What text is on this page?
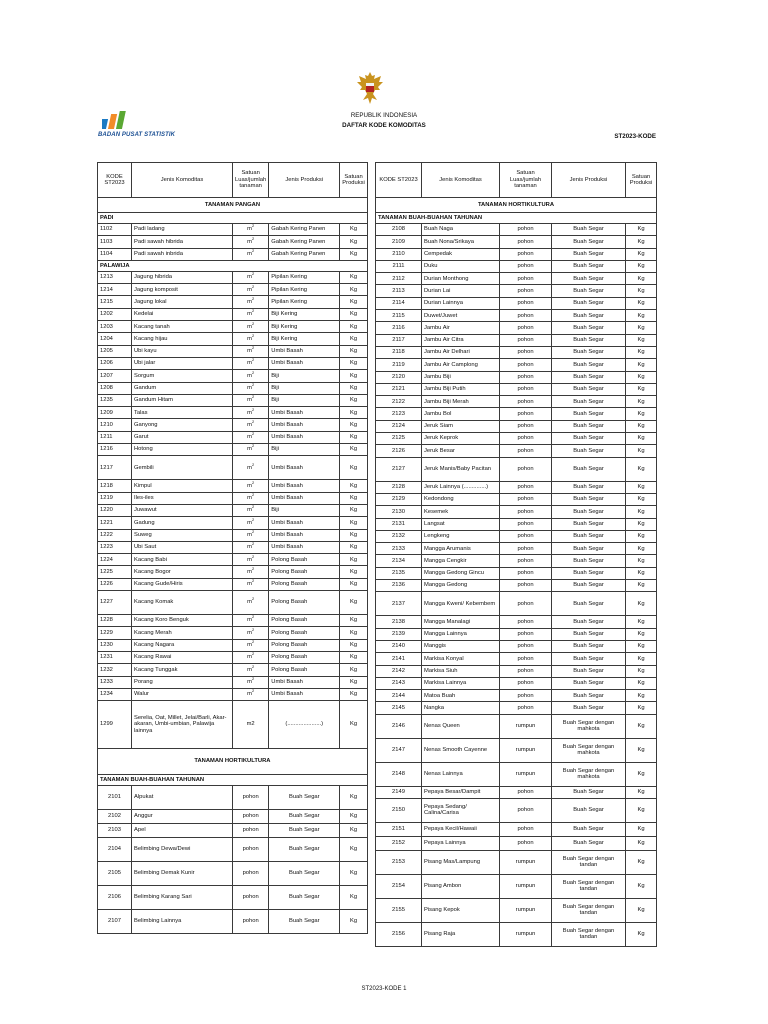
BADAN PUSAT STATISTIK
REPUBLIK INDONESIA
DAFTAR KODE KOMODITAS
ST2023-KODE
KODE ST2023	Jenis Komoditas	Satuan Luas/jumlah tanaman	Jenis Produksi	Satuan Produksi
TANAMAN PANGAN				
PADI				
1102	Padi ladang	$m^2$	Gabah Kering Panen	Kg
1103	Padi sawah hibrida	$m^2$	Gabah Kering Panen	Kg
1104	Padi sawah inbrida	$m^2$	Gabah Kering Panen	Kg
PALAWIJA				
1213	Jagung hibrida	$m^2$	Pipilan Kering	Kg
1214	Jagung komposit	$m^2$	Pipilan Kering	Kg
1215	Jagung lokal	$m^2$	Pipilan Kering	Kg
1202	Kedelai	$m^2$	Biji Kering	Kg
1203	Kacang tanah	$m^2$	Biji Kering	Kg
1204	Kacang hijau	$m^2$	Biji Kering	Kg
1205	Ubi kayu	$m^2$	Umbi Basah	Kg
1206	Ubi jalar	$m^2$	Umbi Basah	Kg
1207	Sorgum	$m^2$	Biji	Kg
1208	Gandum	$m^2$	Biji	Kg
1235	Gandum Hitam	$m^2$	Biji	Kg
1209	Talas	$m^2$	Umbi Basah	Kg
1210	Ganyong	$m^2$	Umbi Basah	Kg
1211	Garut	$m^2$	Umbi Basah	Kg
1216	Hotong	$m^2$	Biji	Kg
1217	Gembili	$m^2$	Umbi Basah	Kg
1218	Kimpul	$m^2$	Umbi Basah	Kg
1219	Iles-iles	$m^2$	Umbi Basah	Kg
1220	Juwawut	$m^2$	Biji	Kg
1221	Gadung	$m^2$	Umbi Basah	Kg
1222	Suweg	$m^2$	Umbi Basah	Kg
1223	Ubi Saut	$m^2$	Umbi Basah	Kg
1224	Kacang Babi	$m^2$	Polong Basah	Kg
1225	Kacang Bogor	$m^2$	Polong Basah	Kg
1226	Kacang Gude/Hiris	$m^2$	Polong Basah	Kg
1227	Kacang Komak	$m^2$	Polong Basah	Kg
1228	Kacang Koro Benguk	$m^2$	Polong Basah	Kg
1229	Kacang Merah	$m^2$	Polong Basah	Kg
1230	Kacang Nagara	$m^2$	Polong Basah	Kg
1231	Kacang Rawai	$m^2$	Polong Basah	Kg
1232	Kacang Tunggak	$m^2$	Polong Basah	Kg
1233	Porang	$m^2$	Umbi Basah	Kg
1234	Walur	$m^2$	Umbi Basah	Kg
1299	Serelia, Oat, Millet, Jelai/Barli, Akar-akaran, Umbi-umbian, Palawija lainnya	m2	(.....................)	Kg
TANAMAN HORTIKULTURA				
TANAMAN BUAH-BUAHAN TAHUNAN				
2101	Alpukat	pohon	Buah Segar	Kg
2102	Anggur	pohon	Buah Segar	Kg
2103	Apel	pohon	Buah Segar	Kg
2104	Belimbing Dewa/Dewi	pohon	Buah Segar	Kg
2105	Belimbing Demak Kunir	pohon	Buah Segar	Kg
2106	Belimbing Karang Sari	pohon	Buah Segar	Kg
2107	Belimbing Lainnya	pohon	Buah Segar	Kg
KODE ST2023	Jenis Komoditas	Satuan Luas/jumlah tanaman	Jenis Produksi	Satuan Produksi
TANAMAN HORTIKULTURA				
TANAMAN BUAH-BUAHAN TAHUNAN				
2108	Buah Naga	pohon	Buah Segar	Kg
2109	Buah Nona/Srikaya	pohon	Buah Segar	Kg
2110	Cempedak	pohon	Buah Segar	Kg
2111	Duku	pohon	Buah Segar	Kg
2112	Durian Monthong	pohon	Buah Segar	Kg
2113	Durian Lai	pohon	Buah Segar	Kg
2114	Durian Lainnya	pohon	Buah Segar	Kg
2115	Duwet/Juwet	pohon	Buah Segar	Kg
2116	Jambu Air	pohon	Buah Segar	Kg
2117	Jambu Air Citra	pohon	Buah Segar	Kg
2118	Jambu Air Delhari	pohon	Buah Segar	Kg
2119	Jambu Air Camplong	pohon	Buah Segar	Kg
2120	Jambu Biji	pohon	Buah Segar	Kg
2121	Jambu Biji Putih	pohon	Buah Segar	Kg
2122	Jambu Biji Merah	pohon	Buah Segar	Kg
2123	Jambu Bol	pohon	Buah Segar	Kg
2124	Jeruk Siam	pohon	Buah Segar	Kg
2125	Jeruk Keprok	pohon	Buah Segar	Kg
2126	Jeruk Besar	pohon	Buah Segar	Kg
2127	Jeruk Manis/Baby Pacitan	pohon	Buah Segar	Kg
2128	Jeruk Lainnya (..............)	pohon	Buah Segar	Kg
2129	Kedondong	pohon	Buah Segar	Kg
2130	Kesemek	pohon	Buah Segar	Kg
2131	Langsat	pohon	Buah Segar	Kg
2132	Lengkeng	pohon	Buah Segar	Kg
2133	Mangga Arumanis	pohon	Buah Segar	Kg
2134	Mangga Cengkir	pohon	Buah Segar	Kg
2135	Mangga Gedong Gincu	pohon	Buah Segar	Kg
2136	Mangga Gedong	pohon	Buah Segar	Kg
2137	Mangga Kweni/ Kebembem	pohon	Buah Segar	Kg
2138	Mangga Manalagi	pohon	Buah Segar	Kg
2139	Mangga Lainnya	pohon	Buah Segar	Kg
2140	Manggis	pohon	Buah Segar	Kg
2141	Markisa Konyal	pohon	Buah Segar	Kg
2142	Markisa Siuh	pohon	Buah Segar	Kg
2143	Markisa Lainnya	pohon	Buah Segar	Kg
2144	Matoa Buah	pohon	Buah Segar	Kg
2145	Nangka	pohon	Buah Segar	Kg
2146	Nenas Queen	rumpun	Buah Segar dengan mahkota	Kg
2147	Nenas Smooth Cayenne	rumpun	Buah Segar dengan mahkota	Kg
2148	Nenas Lainnya	rumpun	Buah Segar dengan mahkota	Kg
2149	Pepaya Besar/Dampit	pohon	Buah Segar	Kg
2150	Pepaya Sedang/ Calina/Carisa	pohon	Buah Segar	Kg
2151	Pepaya Kecil/Hawaii	pohon	Buah Segar	Kg
2152	Pepaya Lainnya	pohon	Buah Segar	Kg
2153	Pisang Mas/Lampung	rumpun	Buah Segar dengan tandan	Kg
2154	Pisang Ambon	rumpun	Buah Segar dengan tandan	Kg
2155	Pisang Kepok	rumpun	Buah Segar dengan tandan	Kg
2156	Pisang Raja	rumpun	Buah Segar dengan tandan	Kg
ST2023-KODE 1
